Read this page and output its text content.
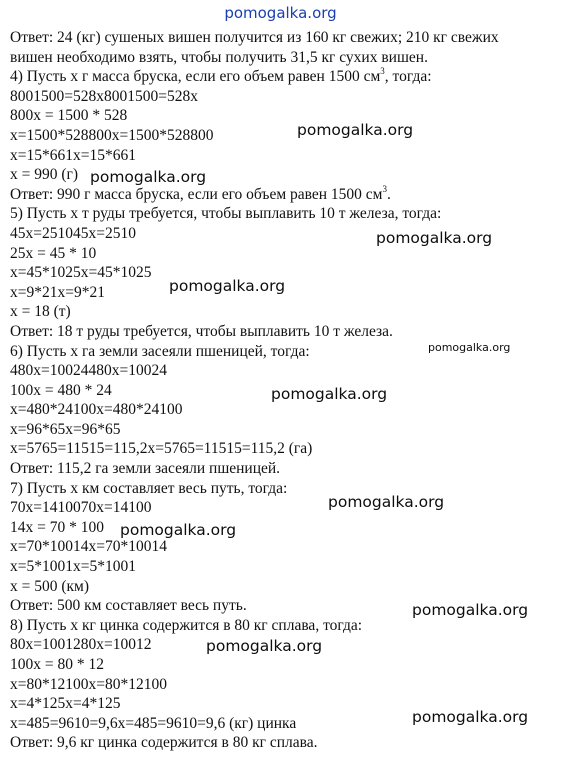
pomogalka.org
Ответ: 24 (кг) сушеных вишен получится из 160 кг свежих; 210 кг свежих
вишен необходимо взять, чтобы получить 31,5 кг сухих вишен.
4) Пусть х г масса бруска, если его объем равен 1500 $см^3$, тогда:
8001500=528x8001500=528x
800x = 1500 * 528
x=1500*528800x=1500*528800
x=15*661x=15*661
x = 990 (г)
Ответ: 990 г масса бруска, если его объем равен 1500 $см^3$.
5) Пусть х т руды требуется, чтобы выплавить 10 т железа, тогда:
45x=251045x=2510
25x = 45 * 10
x=45*1025x=45*1025
x=9*21x=9*21
x = 18 (т)
Ответ: 18 т руды требуется, чтобы выплавить 10 т железа.
6) Пусть х га земли засеяли пшеницей, тогда:
480x=10024480x=10024
100x = 480 * 24
x=480*24100x=480*24100
x=96*65x=96*65
x=5765=11515=115,2x=5765=11515=115,2 (га)
Ответ: 115,2 га земли засеяли пшеницей.
7) Пусть х км составляет весь путь, тогда:
70x=1410070x=14100
14x = 70 * 100
x=70*10014x=70*10014
x=5*1001x=5*1001
x = 500 (км)
Ответ: 500 км составляет весь путь.
8) Пусть х кг цинка содержится в 80 кг сплава, тогда:
80x=1001280x=10012
100x = 80 * 12
x=80*12100x=80*12100
x=4*125x=4*125
x=485=9610=9,6x=485=9610=9,6 (кг) цинка
Ответ: 9,6 кг цинка содержится в 80 кг сплава.
pomogalka.org
pomogalka.org
pomogalka.org
pomogalka.org
pomogalka.org
pomogalka.org
pomogalka.org
pomogalka.org
pomogalka.org
pomogalka.org
pomogalka.org
